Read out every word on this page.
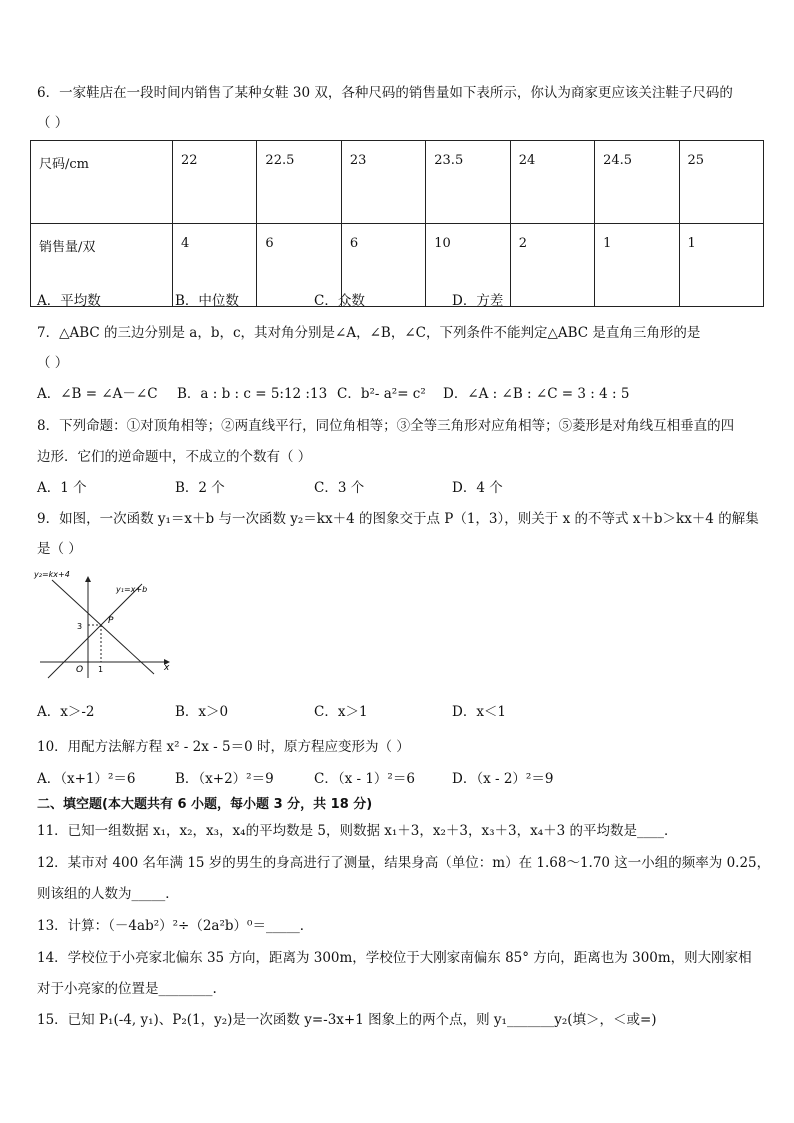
6．一家鞋店在一段时间内销售了某种女鞋 30 双，各种尺码的销售量如下表所示，你认为商家更应该关注鞋子尺码的
（ ）
尺码/cm	22	22.5	23	23.5	24	24.5	25
销售量/双	4	6	6	10	2	1	1
A．平均数	B．中位数	C．众数	D．方差
7．△ABC 的三边分别是 a，b，c，其对角分别是∠A，∠B，∠C，下列条件不能判定△ABC 是直角三角形的是
（ ）
A．∠B = ∠A－∠C B．a : b : c = 5:12 :13 C．b²- a²= c² D．∠A : ∠B : ∠C = 3 : 4 : 5
8．下列命题：①对顶角相等；②两直线平行，同位角相等；③全等三角形对应角相等；⑤菱形是对角线互相垂直的四
边形．它们的逆命题中，不成立的个数有（ ）
A．1 个	B．2 个	C．3 个	D．4 个
9．如图，一次函数 y₁＝x＋b 与一次函数 y₂＝kx＋4 的图象交于点 P（1，3），则关于 x 的不等式 x＋b＞kx＋4 的解集
是（ ）
y₂=kx+4
y₁=x+b
P
3
O 1	x
A．x＞-2	B．x＞0	C．x＞1	D．x＜1
10．用配方法解方程 x² - 2x - 5＝0 时，原方程应变形为（ ）
A．（x+1）²＝6	B．（x+2）²＝9	C．（x - 1）²＝6	D．（x - 2）²＝9
二、填空题(本大题共有 6 小题，每小题 3 分，共 18 分)
11．已知一组数据 x₁，x₂，x₃，x₄的平均数是 5，则数据 x₁＋3，x₂＋3，x₃＋3，x₄＋3 的平均数是____．
12．某市对 400 名年满 15 岁的男生的身高进行了测量，结果身高（单位：m）在 1.68～1.70 这一小组的频率为 0.25，
则该组的人数为_____．
13．计算：（－4ab²）²÷（2a²b）⁰＝_____．
14．学校位于小亮家北偏东 35 方向，距离为 300m，学校位于大刚家南偏东 85° 方向，距离也为 300m，则大刚家相
对于小亮家的位置是________.
15．已知 P₁(-4, y₁)、P₂(1，y₂)是一次函数 y=-3x+1 图象上的两个点，则 y₁_______y₂(填＞，＜或=)
